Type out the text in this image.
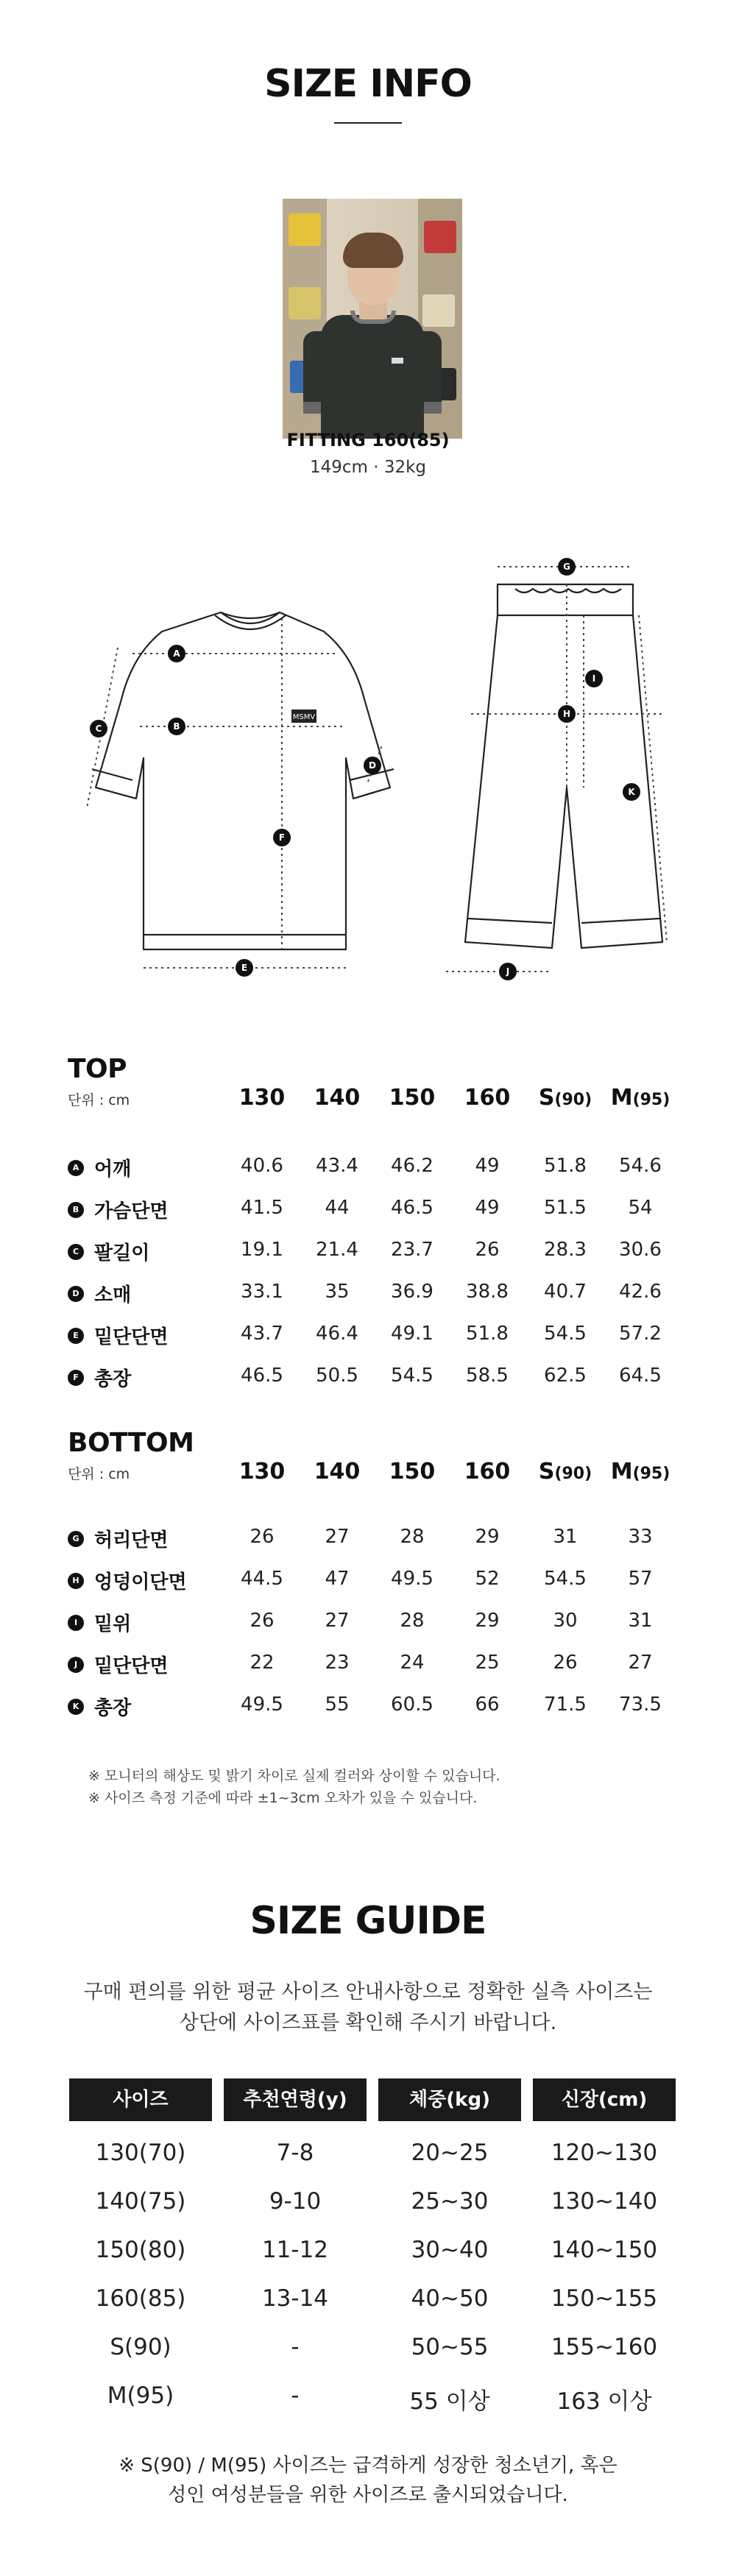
SIZE INFO
FITTING 160(85)
149cm · 32kg
MSMV
A
B
C
D
E
F
G
H
I
J
K
TOP
단위 : cm	130	140	150	160	S(90) M(95)
A 어깨	40.6	43.4	46.2	49	51.8	54.6
B 가슴단면	41.5	44	46.5	49	51.5	54
C 팔길이	19.1	21.4	23.7	26	28.3	30.6
D 소매	33.1	35	36.9	38.8	40.7	42.6
E 밑단단면	43.7	46.4	49.1	51.8	54.5	57.2
F 총장	46.5	50.5	54.5	58.5	62.5	64.5
BOTTOM
단위 : cm	130	140	150	160	S(90) M(95)
G 허리단면	26	27	28	29	31	33
H 엉덩이단면	44.5	47	49.5	52	54.5	57
I 밑위	26	27	28	29	30	31
J 밑단단면	22	23	24	25	26	27
K 총장	49.5	55	60.5	66	71.5	73.5
※ 모니터의 해상도 및 밝기 차이로 실제 컬러와 상이할 수 있습니다.
※ 사이즈 측정 기준에 따라 ±1~3cm 오차가 있을 수 있습니다.
SIZE GUIDE
구매 편의를 위한 평균 사이즈 안내사항으로 정확한 실측 사이즈는
상단에 사이즈표를 확인해 주시기 바랍니다.
사이즈	추천연령(y)	체중(kg)	신장(cm)
130(70)	7-8	20~25	120~130
140(75)	9-10	25~30	130~140
150(80)	11-12	30~40	140~150
160(85)	13-14	40~50	150~155
S(90)	-	50~55	155~160
M(95)	-	55 이상	163 이상
※ S(90) / M(95) 사이즈는 급격하게 성장한 청소년기, 혹은
성인 여성분들을 위한 사이즈로 출시되었습니다.
